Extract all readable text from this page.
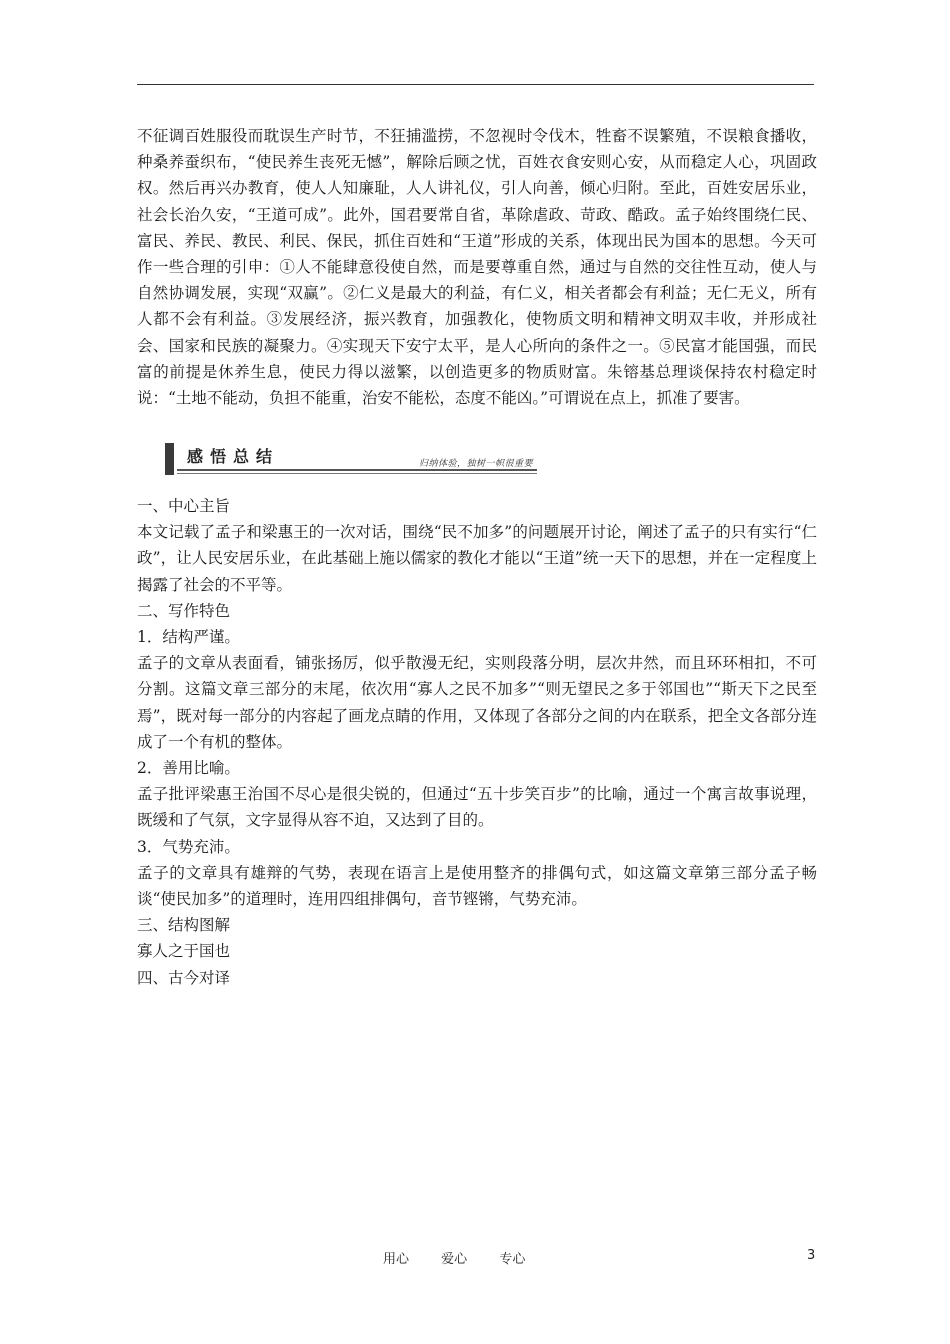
不征调百姓服役而耽误生产时节，不狂捕滥捞，不忽视时令伐木，牲畜不误繁殖，不误粮食播收，种桑养蚕织布，“使民养生丧死无憾”，解除后顾之忧，百姓衣食安则心安，从而稳定人心，巩固政权。然后再兴办教育，使人人知廉耻，人人讲礼仪，引人向善，倾心归附。至此，百姓安居乐业，社会长治久安，“王道可成”。此外，国君要常自省，革除虐政、苛政、酷政。孟子始终围绕仁民、富民、养民、教民、利民、保民，抓住百姓和“王道”形成的关系，体现出民为国本的思想。今天可作一些合理的引申：①人不能肆意役使自然，而是要尊重自然，通过与自然的交往性互动，使人与自然协调发展，实现“双赢”。②仁义是最大的利益，有仁义，相关者都会有利益；无仁无义，所有人都不会有利益。③发展经济，振兴教育，加强教化，使物质文明和精神文明双丰收，并形成社会、国家和民族的凝聚力。④实现天下安宁太平，是人心所向的条件之一。⑤民富才能国强，而民富的前提是休养生息，使民力得以滋繁，以创造更多的物质财富。朱镕基总理谈保持农村稳定时说：“土地不能动，负担不能重，治安不能松，态度不能凶。”可谓说在点上，抓准了要害。

感悟总结	归纳体验，独树一帜很重要
一、中心主旨
本文记载了孟子和梁惠王的一次对话，围绕“民不加多”的问题展开讨论，阐述了孟子的只有实行“仁政”，让人民安居乐业，在此基础上施以儒家的教化才能以“王道”统一天下的思想，并在一定程度上揭露了社会的不平等。
二、写作特色
1．结构严谨。
孟子的文章从表面看，铺张扬厉，似乎散漫无纪，实则段落分明，层次井然，而且环环相扣，不可分割。这篇文章三部分的末尾，依次用“寡人之民不加多”“则无望民之多于邻国也”“斯天下之民至焉”，既对每一部分的内容起了画龙点睛的作用，又体现了各部分之间的内在联系，把全文各部分连成了一个有机的整体。
2．善用比喻。
孟子批评梁惠王治国不尽心是很尖锐的，但通过“五十步笑百步”的比喻，通过一个寓言故事说理，既缓和了气氛，文字显得从容不迫，又达到了目的。
3．气势充沛。
孟子的文章具有雄辩的气势，表现在语言上是使用整齐的排偶句式，如这篇文章第三部分孟子畅谈“使民加多”的道理时，连用四组排偶句，音节铿锵，气势充沛。
三、结构图解
寡人之于国也
四、古今对译
用心 爱心 专心	3
